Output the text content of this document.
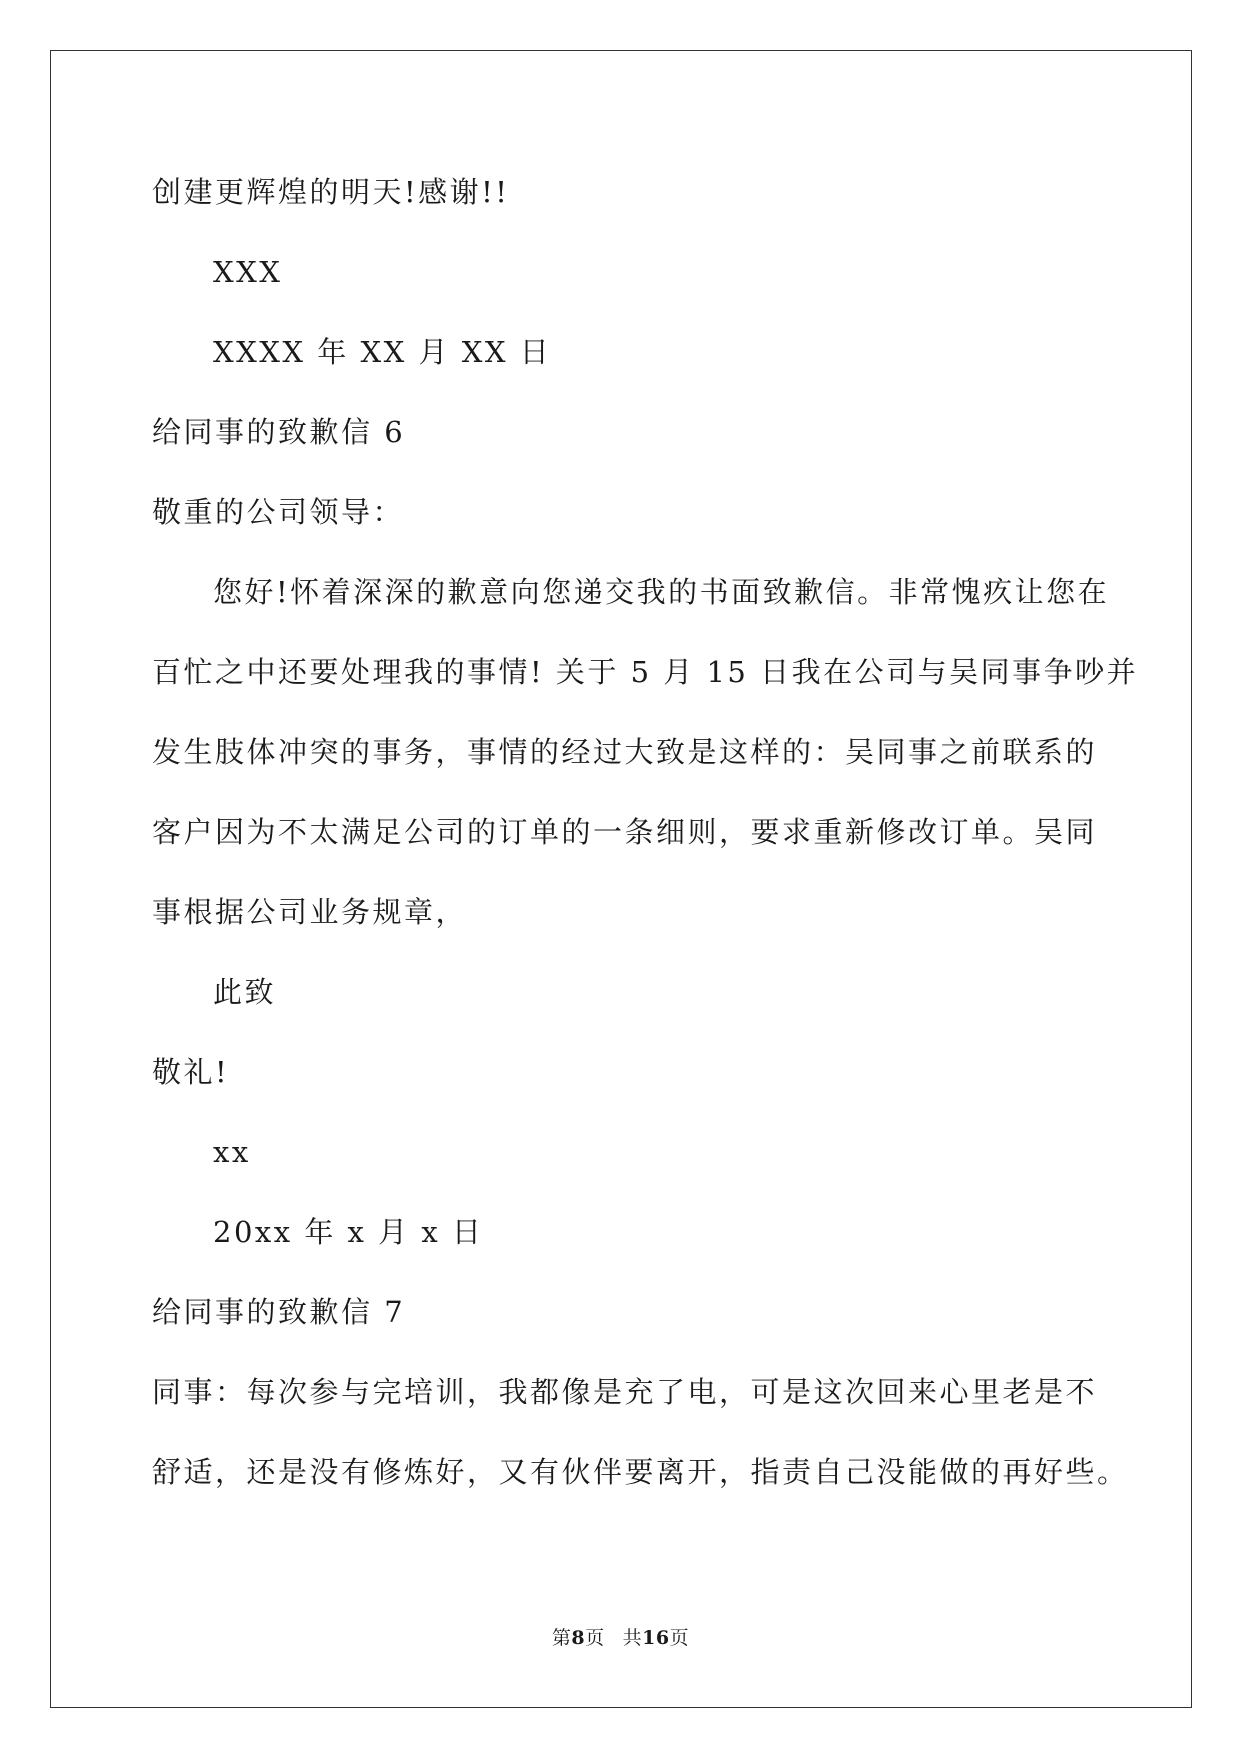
创建更辉煌的明天!感谢!!
XXX
XXXX 年 XX 月 XX 日
给同事的致歉信 6
敬重的公司领导：
您好!怀着深深的歉意向您递交我的书面致歉信。非常愧疚让您在
百忙之中还要处理我的事情! 关于 5 月 15 日我在公司与吴同事争吵并
发生肢体冲突的事务，事情的经过大致是这样的：吴同事之前联系的
客户因为不太满足公司的订单的一条细则，要求重新修改订单。吴同
事根据公司业务规章，
此致
敬礼!
xx
20xx 年 x 月 x 日
给同事的致歉信 7
同事：每次参与完培训，我都像是充了电，可是这次回来心里老是不
舒适，还是没有修炼好，又有伙伴要离开，指责自己没能做的再好些。
第8页 共16页
